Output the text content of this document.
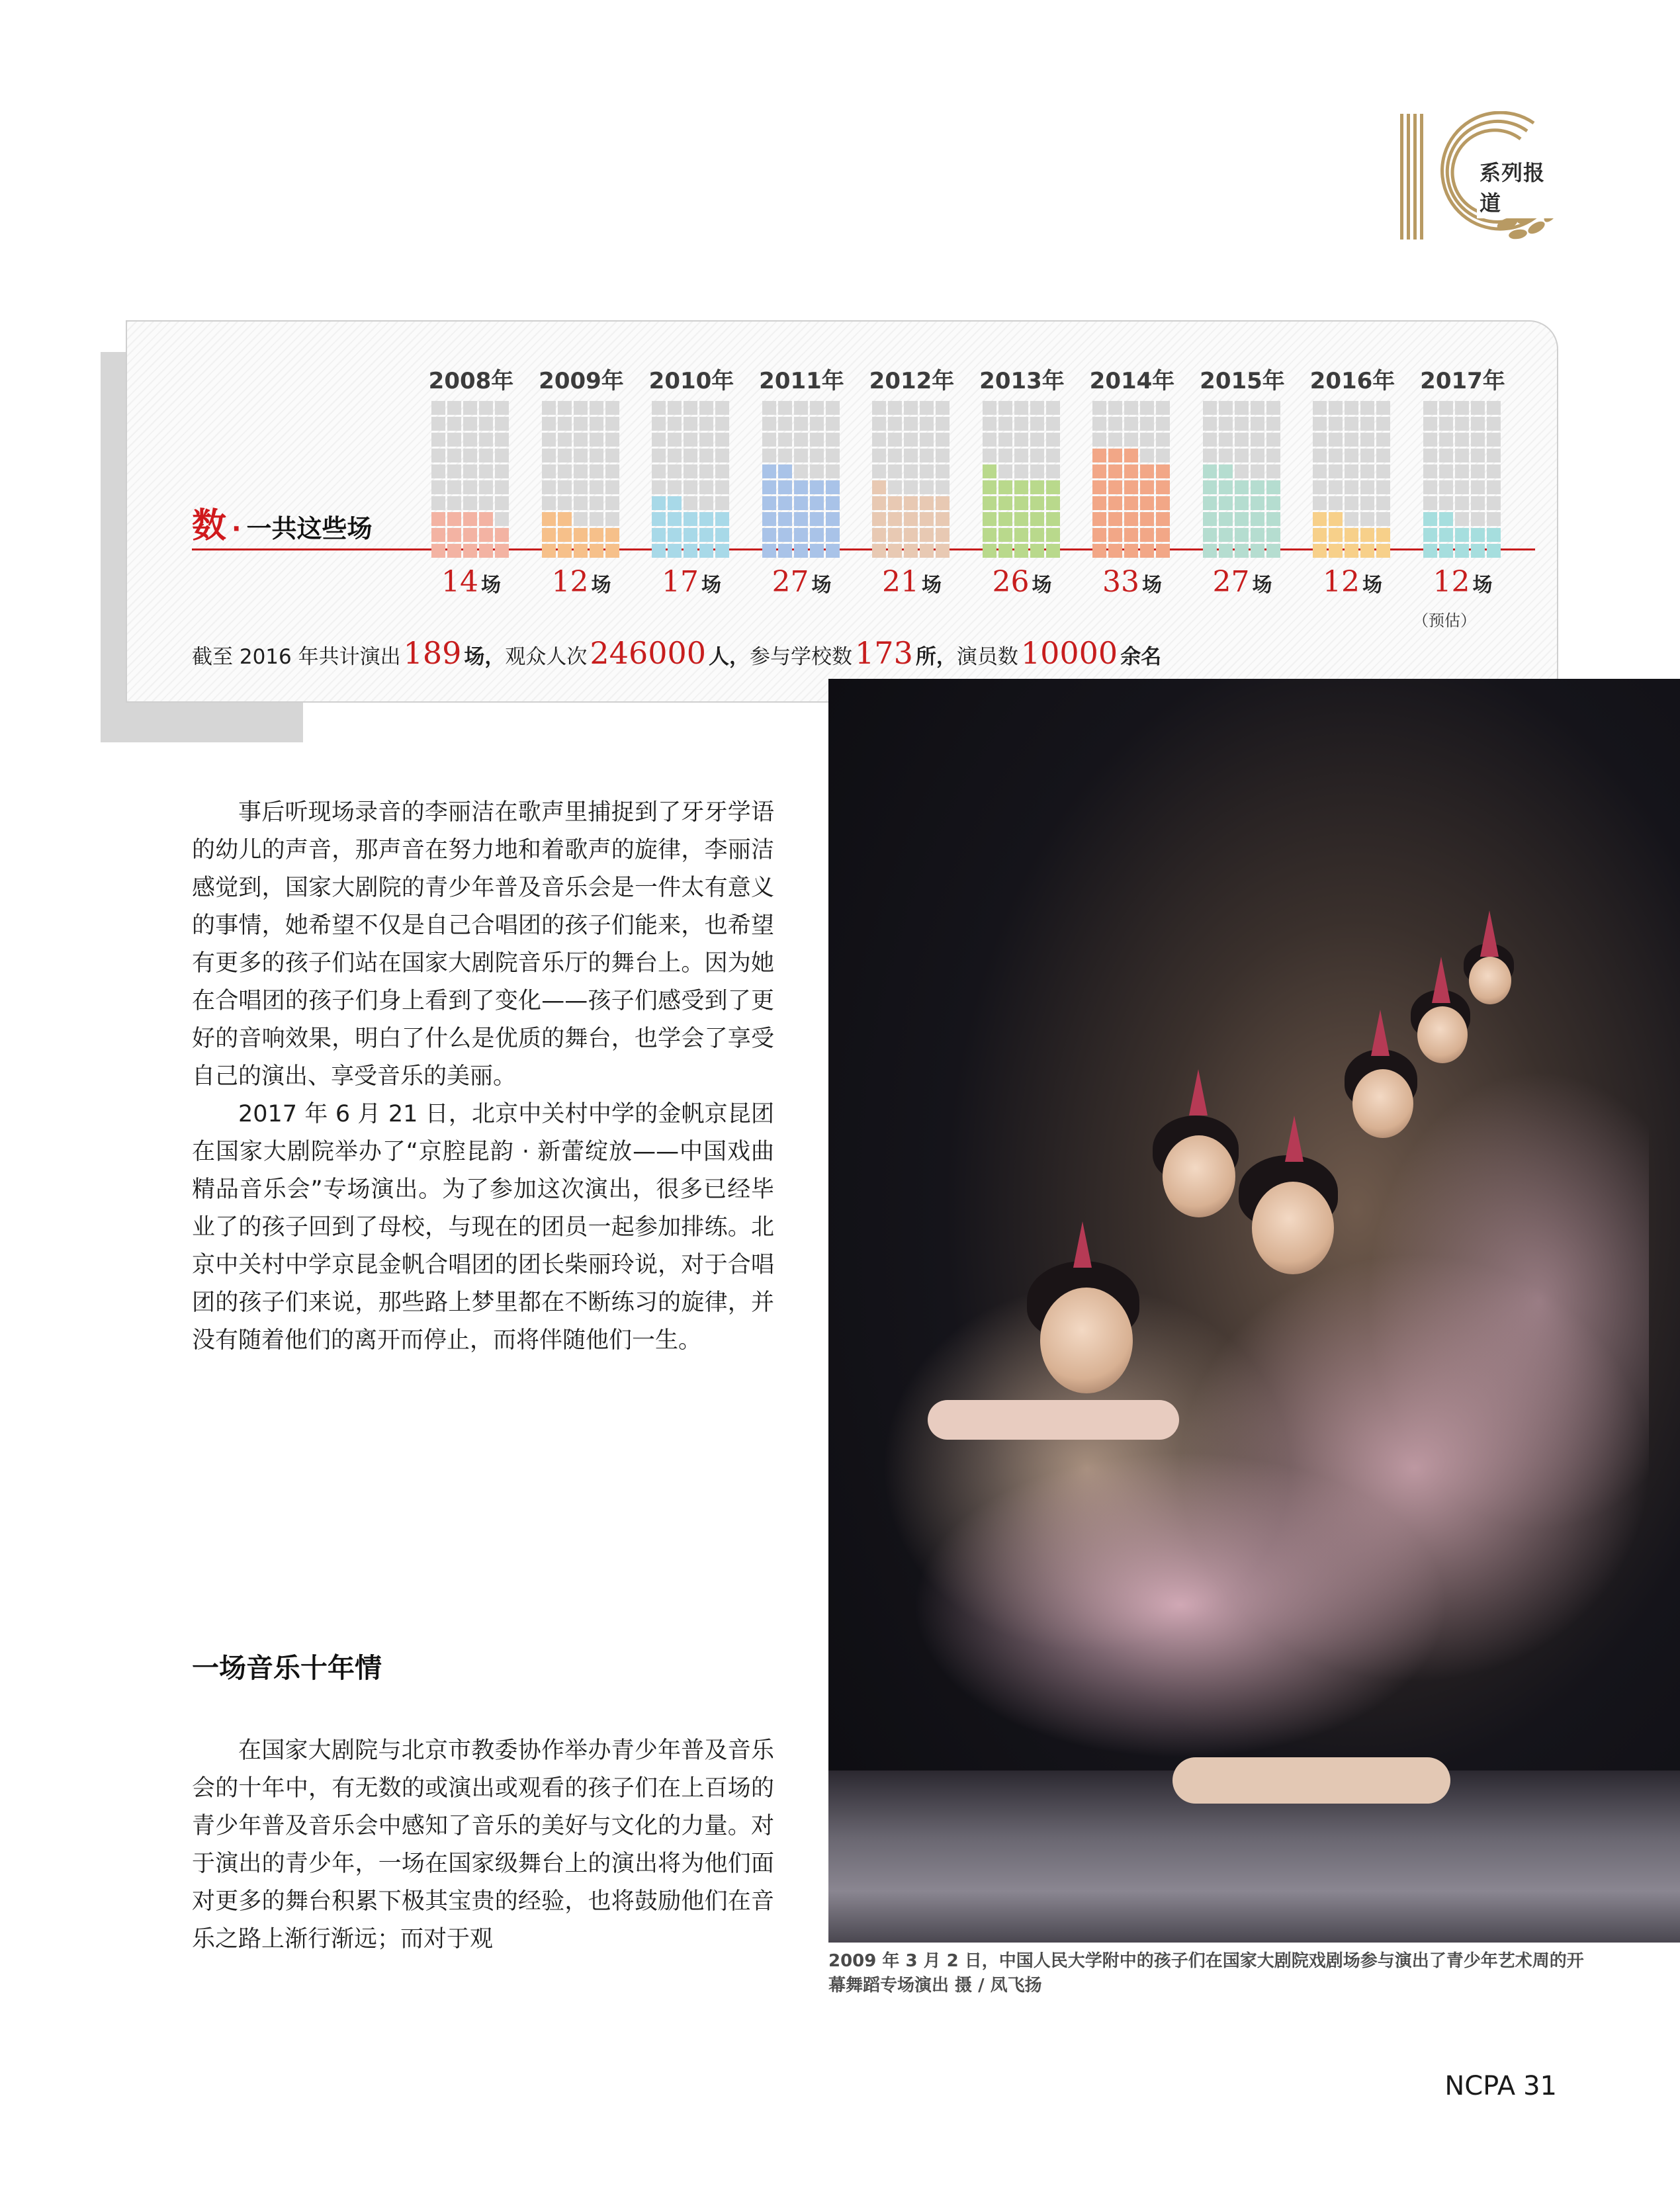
系列报道
数 · 一共这些场
2008年
14 场
2009年
12 场
2010年
17 场
2011年
27 场
2012年
21 场
2013年
26 场
2014年
33 场
2015年
27 场
2016年
12 场
2017年
12 场
（预估）
截至 2016 年共计演出189 场，观众人次246000 人，参与学校数173 所，演员数10000 余名

事后听现场录音的李丽洁在歌声里捕捉到了牙牙学语的幼儿的声音，那声音在努力地和着歌声的旋律，李丽洁感觉到，国家大剧院的青少年普及音乐会是一件太有意义的事情，她希望不仅是自己合唱团的孩子们能来，也希望有更多的孩子们站在国家大剧院音乐厅的舞台上。因为她在合唱团的孩子们身上看到了变化——孩子们感受到了更好的音响效果，明白了什么是优质的舞台，也学会了享受自己的演出、享受音乐的美丽。

2017 年 6 月 21 日，北京中关村中学的金帆京昆团在国家大剧院举办了“京腔昆韵 · 新蕾绽放——中国戏曲精品音乐会”专场演出。为了参加这次演出，很多已经毕业了的孩子回到了母校，与现在的团员一起参加排练。北京中关村中学京昆金帆合唱团的团长柴丽玲说，对于合唱团的孩子们来说，那些路上梦里都在不断练习的旋律，并没有随着他们的离开而停止，而将伴随他们一生。

一场音乐十年情

在国家大剧院与北京市教委协作举办青少年普及音乐会的十年中，有无数的或演出或观看的孩子们在上百场的青少年普及音乐会中感知了音乐的美好与文化的力量。对于演出的青少年，一场在国家级舞台上的演出将为他们面对更多的舞台积累下极其宝贵的经验，也将鼓励他们在音乐之路上渐行渐远；而对于观

2009 年 3 月 2 日，中国人民大学附中的孩子们在国家大剧院戏剧场参与演出了青少年艺术周的开幕舞蹈专场演出 摄 / 凤飞扬
NCPA 31
